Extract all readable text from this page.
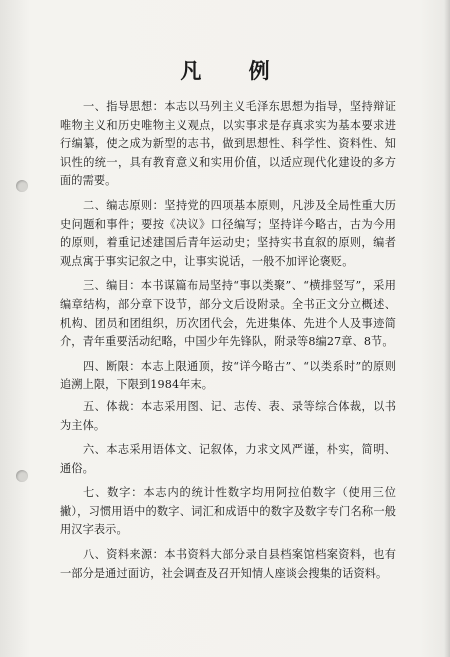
凡 例

一、指导思想：本志以马列主义毛泽东思想为指导，坚持辩证唯物主义和历史唯物主义观点，以实事求是存真求实为基本要求进行编纂，使之成为新型的志书，做到思想性、科学性、资料性、知识性的统一，具有教育意义和实用价值，以适应现代化建设的多方面的需要。

二、编志原则：坚持党的四项基本原则，凡涉及全局性重大历史问题和事件；要按《决议》口径编写；坚持详今略古，古为今用的原则，着重记述建国后青年运动史；坚持实书直叙的原则，编者观点寓于事实记叙之中，让事实说话，一般不加评论褒贬。

三、编目：本书谋篇布局坚持“事以类聚”、“横排竖写”，采用编章结构，部分章下设节，部分文后设附录。全书正文分立概述、机构、团员和团组织，历次团代会，先进集体、先进个人及事迹简介，青年重要活动纪略，中国少年先锋队，附录等8编27章、8节。

四、断限：本志上限通顶，按“详今略古”、“以类系时”的原则追溯上限，下限到1984年末。

五、体裁：本志采用图、记、志传、表、录等综合体裁，以书为主体。

六、本志采用语体文、记叙体，力求文风严谨，朴实，简明、通俗。

七、数字：本志内的统计性数字均用阿拉伯数字（使用三位撇），习惯用语中的数字、词汇和成语中的数字及数字专门名称一般用汉字表示。

八、资料来源：本书资料大部分录自县档案馆档案资料，也有一部分是通过面访，社会调查及召开知情人座谈会搜集的话资料。
